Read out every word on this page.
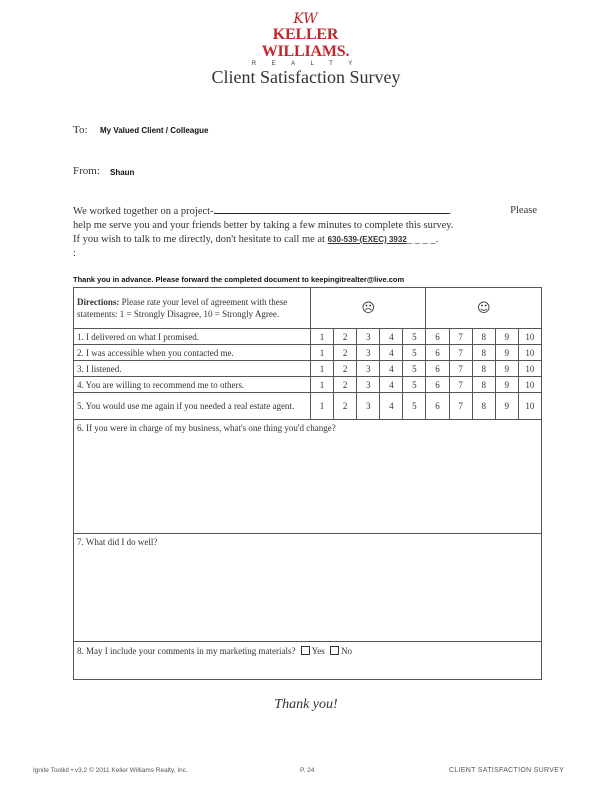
KW
KELLER WILLIAMS.
R E A L T Y
Client Satisfaction Survey
To: My Valued Client / Colleague
From: Shaun
We worked together on a project-	.	Please
help me serve you and your friends better by taking a few minutes to complete this survey.
If you wish to talk to me directly, don't hesitate to call me at 630-539-(EXEC) 3932_ _ _ _.
:
Thank you in advance. Please forward the completed document to keepingitrealter@live.com
Directions: Please rate your level of agreement with these statements: 1 = Strongly Disagree, 10 = Strongly Agree.	☹					☺				
1. I delivered on what I promised.	1	2	3	4	5	6	7	8	9	10
2. I was accessible when you contacted me.	1	2	3	4	5	6	7	8	9	10
3. I listened.	1	2	3	4	5	6	7	8	9	10
4. You are willing to recommend me to others.	1	2	3	4	5	6	7	8	9	10
5. You would use me again if you needed a real estate agent.	1	2	3	4	5	6	7	8	9	10
6. If you were in charge of my business, what's one thing you'd change?										
7. What did I do well?										
8. May I include your comments in my marketing materials? Yes No										
Thank you!
Ignite Toolkit • v3.2 © 2011 Keller Williams Realty, Inc.	P. 24	CLIENT SATISFACTION SURVEY
